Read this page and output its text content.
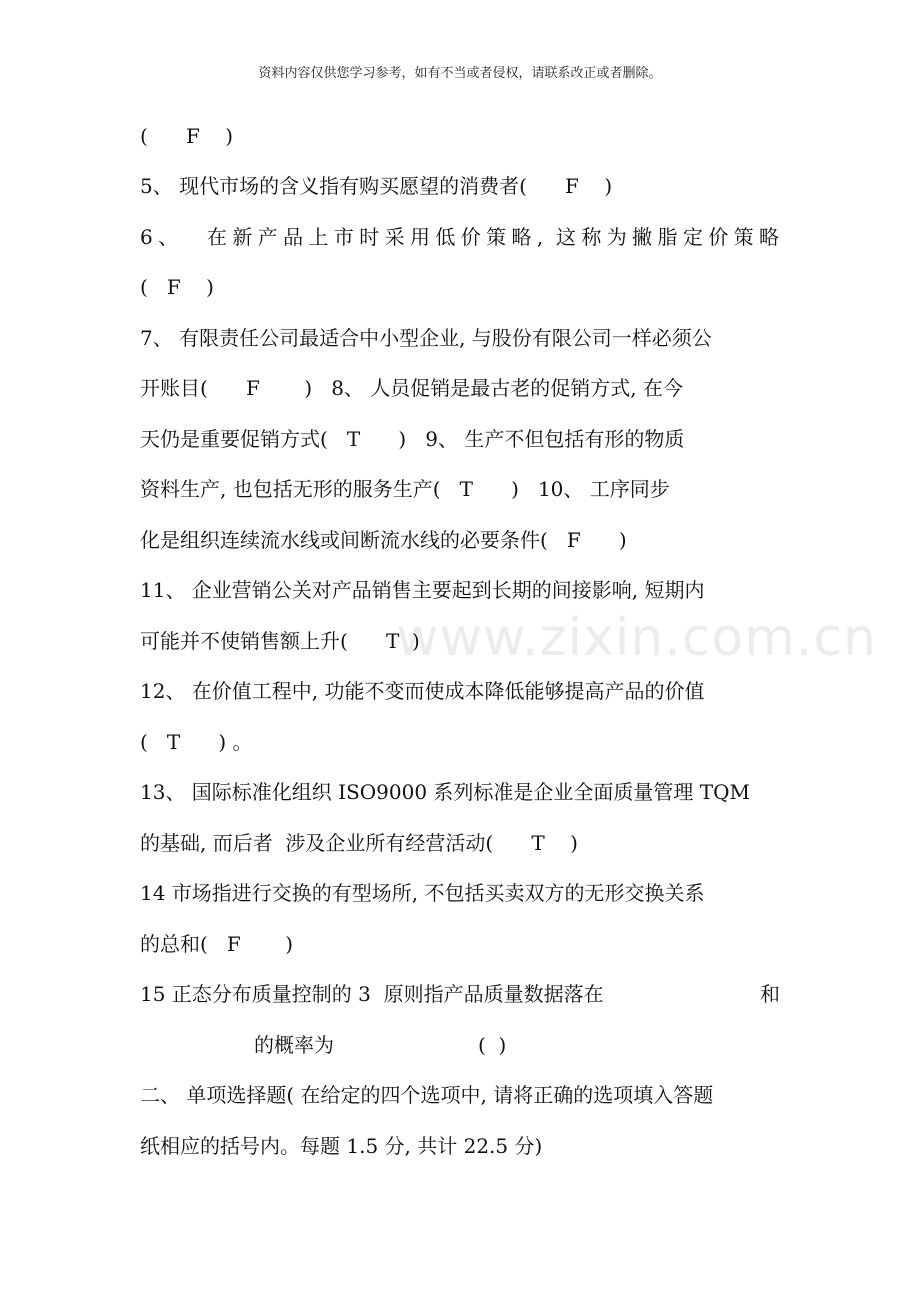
资料内容仅供您学习参考，如有不当或者侵权，请联系改正或者删除。
www.zixin.com.cn
(      F    )
5、 现代市场的含义指有购买愿望的消费者(      F    )
6、  在新产品上市时采用低价策略, 这称为撇脂定价策略
(   F    )
7、 有限责任公司最适合中小型企业, 与股份有限公司一样必须公
开账目(      F       )   8、 人员促销是最古老的促销方式, 在今
天仍是重要促销方式(   T      )   9、 生产不但包括有形的物质
资料生产, 也包括无形的服务生产(   T      )   10、 工序同步
化是组织连续流水线或间断流水线的必要条件(   F      )
11、 企业营销公关对产品销售主要起到长期的间接影响, 短期内
可能并不使销售额上升(      T  )
12、 在价值工程中, 功能不变而使成本降低能够提高产品的价值
(   T      ) 。
13、 国际标准化组织 ISO9000 系列标准是企业全面质量管理 TQM
的基础, 而后者  涉及企业所有经营活动(      T    )
14 市场指进行交换的有型场所, 不包括买卖双方的无形交换关系
的总和(   F       )
15 正态分布质量控制的 3  原则指产品质量数据落在	和
的概率为	(  )
二、 单项选择题( 在给定的四个选项中, 请将正确的选项填入答题
纸相应的括号内。每题 1.5 分, 共计 22.5 分)
